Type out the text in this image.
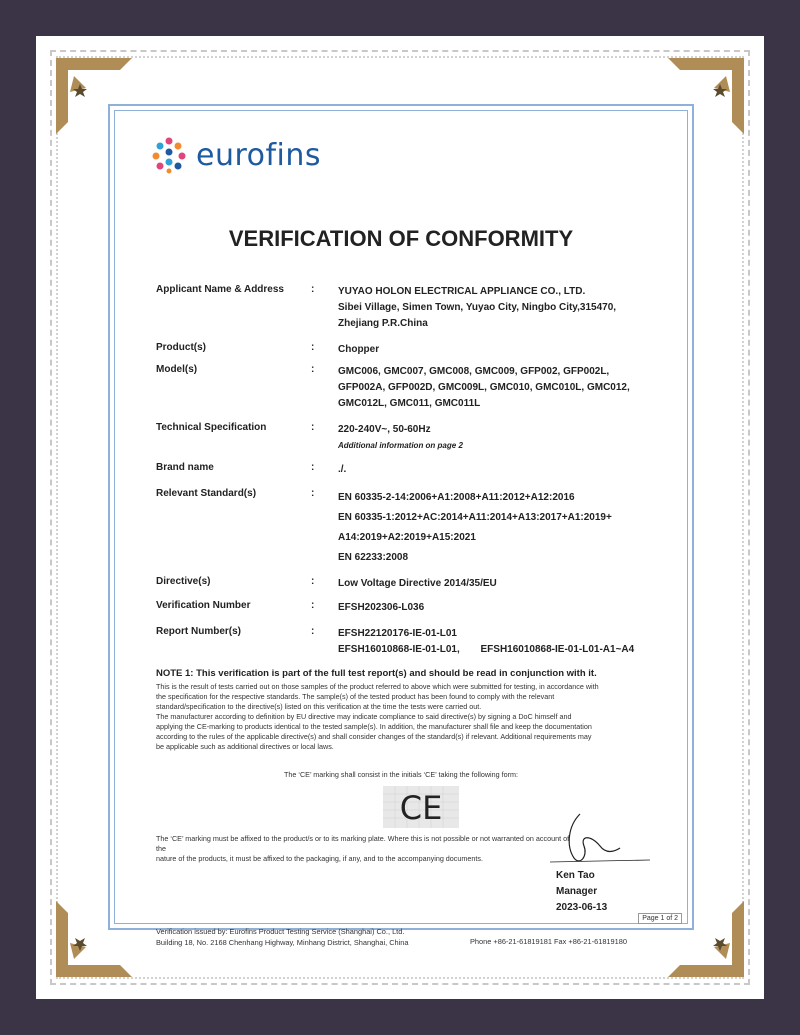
eurofins
VERIFICATION OF CONFORMITY
Applicant Name & Address	: YUYAO HOLON ELECTRICAL APPLIANCE CO., LTD.
Sibei Village, Simen Town, Yuyao City, Ningbo City,315470,
Zhejiang P.R.China
Product(s)	: Chopper
Model(s)	: GMC006, GMC007, GMC008, GMC009, GFP002, GFP002L,
GFP002A, GFP002D, GMC009L, GMC010, GMC010L, GMC012,
GMC012L, GMC011, GMC011L
Technical Specification	: 220-240V~, 50-60Hz
Additional information on page 2
Brand name	: ./.
Relevant Standard(s)	: EN 60335-2-14:2006+A1:2008+A11:2012+A12:2016
EN 60335-1:2012+AC:2014+A11:2014+A13:2017+A1:2019+
A14:2019+A2:2019+A15:2021
EN 62233:2008
Directive(s)	: Low Voltage Directive 2014/35/EU
Verification Number	: EFSH202306-L036
Report Number(s)	: EFSH22120176-IE-01-L01
EFSH16010868-IE-01-L01, EFSH16010868-IE-01-L01-A1~A4
NOTE 1: This verification is part of the full test report(s) and should be read in conjunction with it.
This is the result of tests carried out on those samples of the product referred to above which were submitted for testing, in accordance with
the specification for the respective standards. The sample(s) of the tested product has been found to comply with the relevant
standard/specification to the directive(s) listed on this verification at the time the tests were carried out.
The manufacturer according to definition by EU directive may indicate compliance to said directive(s) by signing a DoC himself and
applying the CE-marking to products identical to the tested sample(s). In addition, the manufacturer shall file and keep the documentation
according to the rules of the applicable directive(s) and shall consider changes of the standard(s) if relevant. Additional requirements may
be applicable such as additional directives or local laws.
The ‘CE’ marking shall consist in the initials ‘CE’ taking the following form:
CE
The ‘CE’ marking must be affixed to the product/s or to its marking plate. Where this is not possible or not warranted on account of the
nature of the products, it must be affixed to the packaging, if any, and to the accompanying documents.
Ken Tao
Manager
2023-06-13
Verification issued by: Eurofins Product Testing Service (Shanghai) Co., Ltd.
Building 18, No. 2168 Chenhang Highway, Minhang District, Shanghai, China	Phone +86-21-61819181 Fax +86-21-61819180
Page 1 of 2
